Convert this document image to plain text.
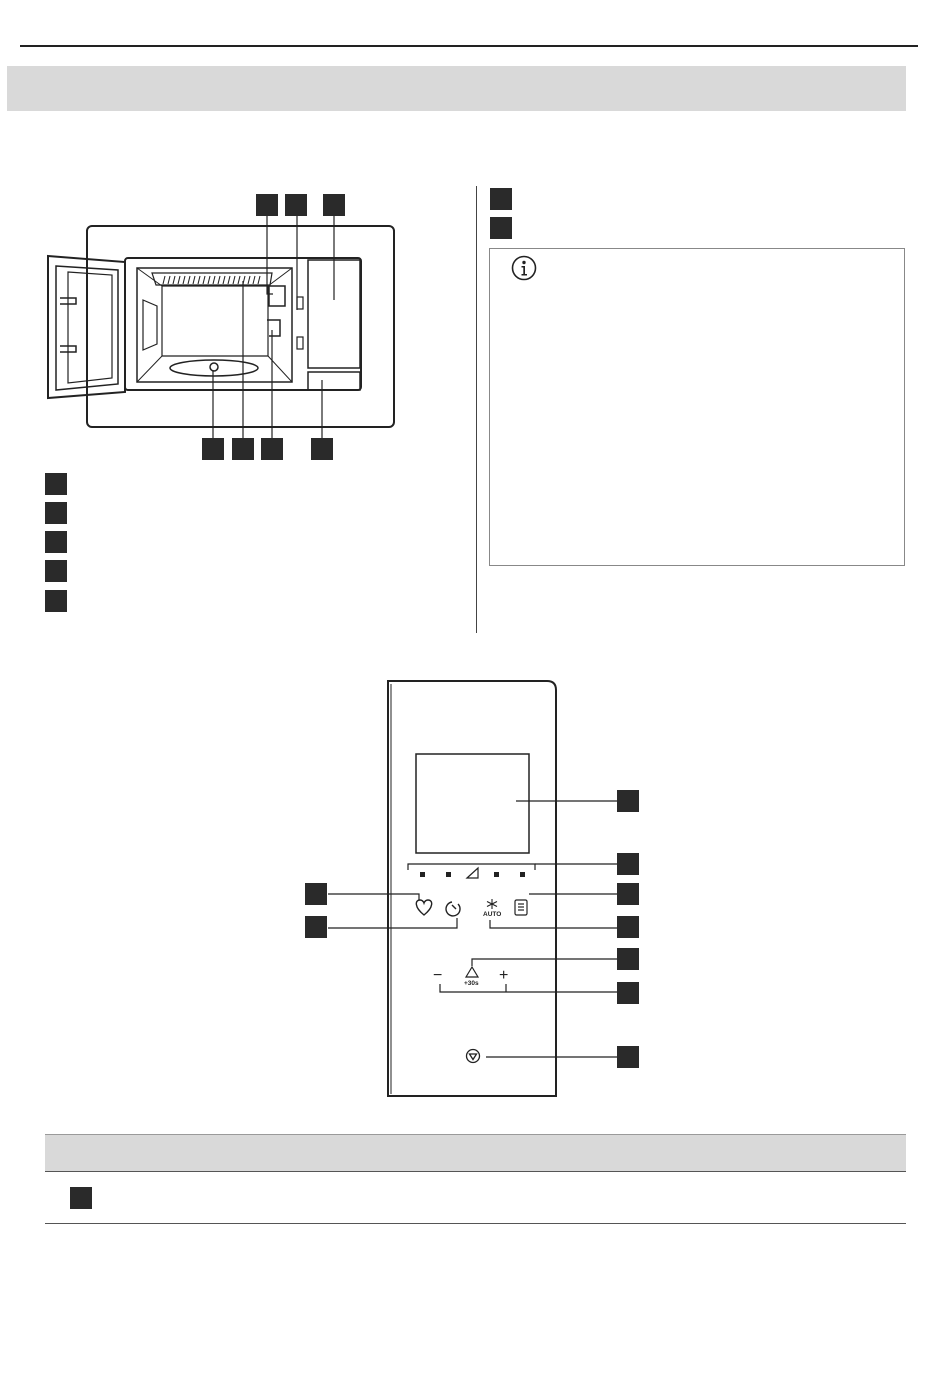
AUTO
+30s
−	+
